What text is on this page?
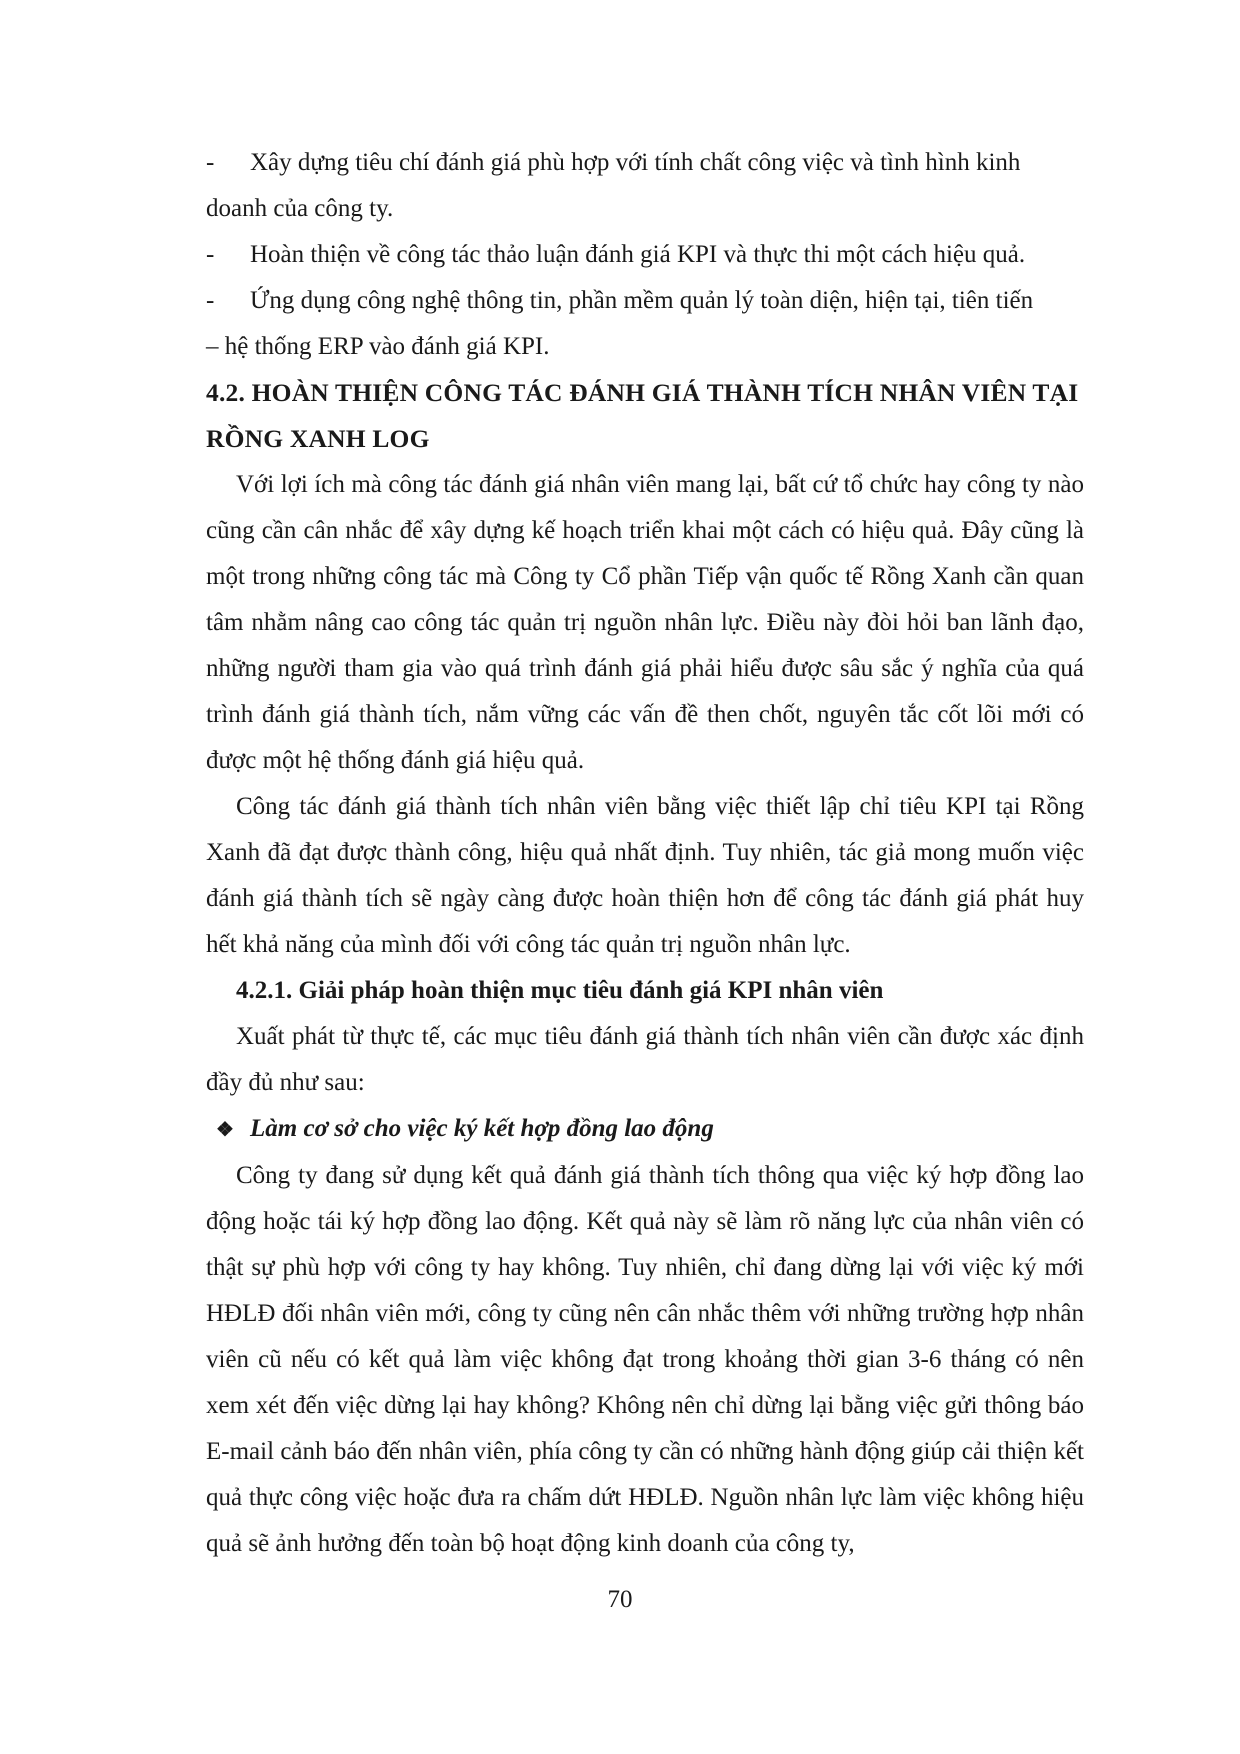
- Xây dựng tiêu chí đánh giá phù hợp với tính chất công việc và tình hình kinh
doanh của công ty.

- Hoàn thiện về công tác thảo luận đánh giá KPI và thực thi một cách hiệu quả.

- Ứng dụng công nghệ thông tin, phần mềm quản lý toàn diện, hiện tại, tiên tiến
– hệ thống ERP vào đánh giá KPI.

4.2. HOÀN THIỆN CÔNG TÁC ĐÁNH GIÁ THÀNH TÍCH NHÂN VIÊN TẠI
RỒNG XANH LOG

Với lợi ích mà công tác đánh giá nhân viên mang lại, bất cứ tổ chức hay công ty nào cũng cần cân nhắc để xây dựng kế hoạch triển khai một cách có hiệu quả. Đây cũng là một trong những công tác mà Công ty Cổ phần Tiếp vận quốc tế Rồng Xanh cần quan tâm nhằm nâng cao công tác quản trị nguồn nhân lực. Điều này đòi hỏi ban lãnh đạo, những người tham gia vào quá trình đánh giá phải hiểu được sâu sắc ý nghĩa của quá trình đánh giá thành tích, nắm vững các vấn đề then chốt, nguyên tắc cốt lõi mới có được một hệ thống đánh giá hiệu quả.

Công tác đánh giá thành tích nhân viên bằng việc thiết lập chỉ tiêu KPI tại Rồng Xanh đã đạt được thành công, hiệu quả nhất định. Tuy nhiên, tác giả mong muốn việc đánh giá thành tích sẽ ngày càng được hoàn thiện hơn để công tác đánh giá phát huy hết khả năng của mình đối với công tác quản trị nguồn nhân lực.

4.2.1. Giải pháp hoàn thiện mục tiêu đánh giá KPI nhân viên

Xuất phát từ thực tế, các mục tiêu đánh giá thành tích nhân viên cần được xác định đầy đủ như sau:

❖ Làm cơ sở cho việc ký kết hợp đồng lao động

Công ty đang sử dụng kết quả đánh giá thành tích thông qua việc ký hợp đồng lao động hoặc tái ký hợp đồng lao động. Kết quả này sẽ làm rõ năng lực của nhân viên có thật sự phù hợp với công ty hay không. Tuy nhiên, chỉ đang dừng lại với việc ký mới HĐLĐ đối nhân viên mới, công ty cũng nên cân nhắc thêm với những trường hợp nhân viên cũ nếu có kết quả làm việc không đạt trong khoảng thời gian 3-6 tháng có nên xem xét đến việc dừng lại hay không? Không nên chỉ dừng lại bằng việc gửi thông báo E-mail cảnh báo đến nhân viên, phía công ty cần có những hành động giúp cải thiện kết quả thực công việc hoặc đưa ra chấm dứt HĐLĐ. Nguồn nhân lực làm việc không hiệu quả sẽ ảnh hưởng đến toàn bộ hoạt động kinh doanh của công ty,

70
